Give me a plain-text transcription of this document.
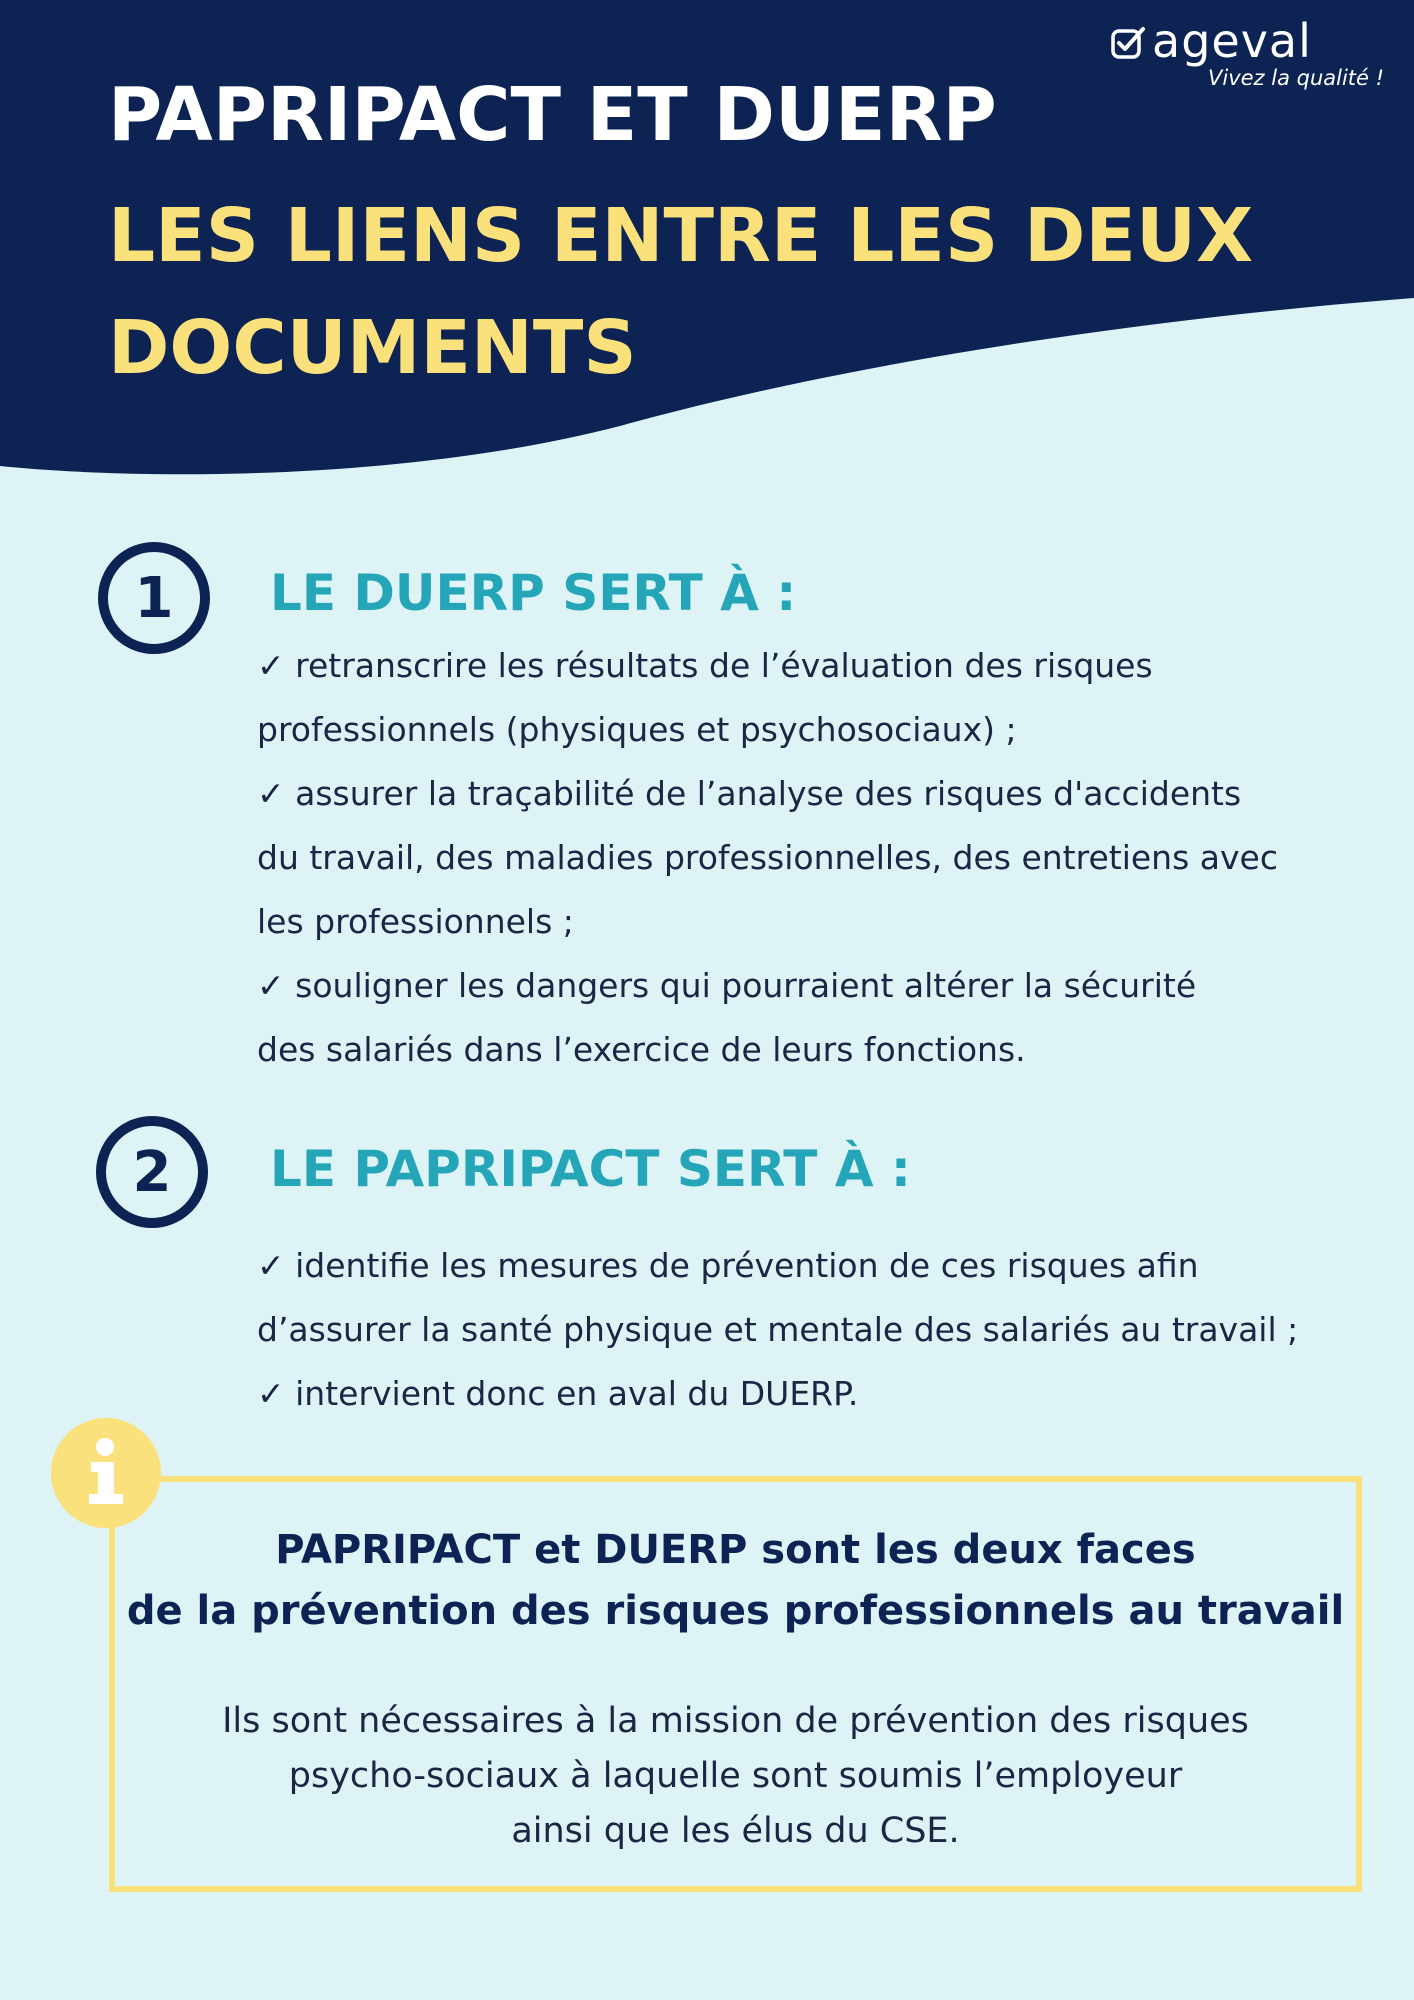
ageval
Vivez la qualité !
PAPRIPACT ET DUERP
LES LIENS ENTRE LES DEUX DOCUMENTS
1	LE DUERP SERT À :
✓ retranscrire les résultats de l’évaluation des risques
professionnels (physiques et psychosociaux) ;
✓ assurer la traçabilité de l’analyse des risques d'accidents
du travail, des maladies professionnelles, des entretiens avec
les professionnels ;
✓ souligner les dangers qui pourraient altérer la sécurité
des salariés dans l’exercice de leurs fonctions.
2	LE PAPRIPACT SERT À :
✓ identifie les mesures de prévention de ces risques afin
d’assurer la santé physique et mentale des salariés au travail ;
✓ intervient donc en aval du DUERP.

PAPRIPACT et DUERP sont les deux faces
de la prévention des risques professionnels au travail

Ils sont nécessaires à la mission de prévention des risques
psycho-sociaux à laquelle sont soumis l’employeur
ainsi que les élus du CSE.
